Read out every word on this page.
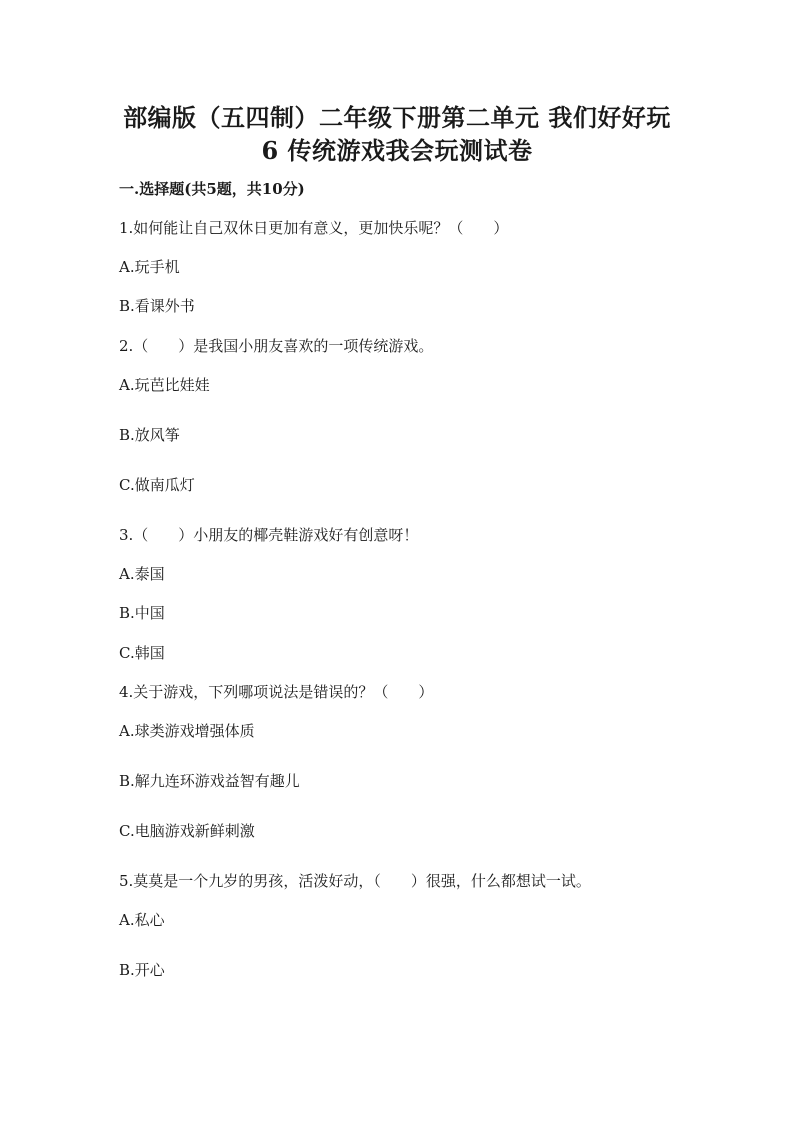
部编版（五四制）二年级下册第二单元 我们好好玩
6 传统游戏我会玩测试卷
一.选择题(共5题，共10分)
1.如何能让自己双休日更加有意义，更加快乐呢？（　　）
A.玩手机
B.看课外书
2.（　　）是我国小朋友喜欢的一项传统游戏。
A.玩芭比娃娃
B.放风筝
C.做南瓜灯
3.（　　）小朋友的椰壳鞋游戏好有创意呀！
A.泰国
B.中国
C.韩国
4.关于游戏，下列哪项说法是错误的？（　　）
A.球类游戏增强体质
B.解九连环游戏益智有趣儿
C.电脑游戏新鲜刺激
5.莫莫是一个九岁的男孩，活泼好动，（　　）很强，什么都想试一试。
A.私心
B.开心
